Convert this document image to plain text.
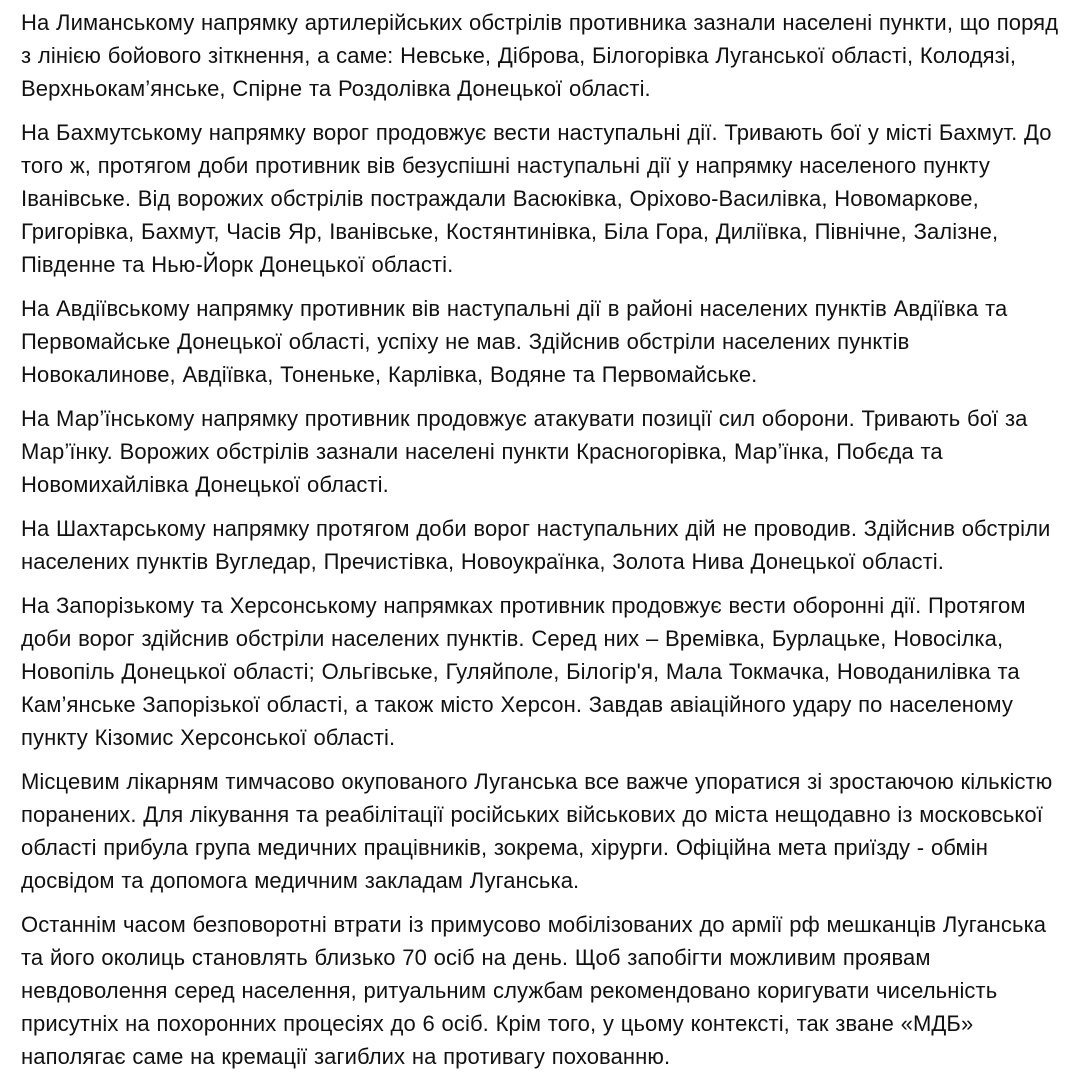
На Лиманському напрямку артилерійських обстрілів противника зазнали населені пункти, що поряд з лінією бойового зіткнення, а саме: Невське, Діброва, Білогорівка Луганської області, Колодязі, Верхньокам’янське, Спірне та Роздолівка Донецької області.

На Бахмутському напрямку ворог продовжує вести наступальні дії. Тривають бої у місті Бахмут. До того ж, протягом доби противник вів безуспішні наступальні дії у напрямку населеного пункту Іванівське. Від ворожих обстрілів постраждали Васюківка, Оріхово-Василівка, Новомаркове, Григорівка, Бахмут, Часів Яр, Іванівське, Костянтинівка, Біла Гора, Диліївка, Північне, Залізне, Південне та Нью-Йорк Донецької області.

На Авдіївському напрямку противник вів наступальні дії в районі населених пунктів Авдіївка та Первомайське Донецької області, успіху не мав. Здійснив обстріли населених пунктів Новокалинове, Авдіївка, Тоненьке, Карлівка, Водяне та Первомайське.

На Мар’їнському напрямку противник продовжує атакувати позиції сил оборони. Тривають бої за Мар’їнку. Ворожих обстрілів зазнали населені пункти Красногорівка, Мар’їнка, Побєда та Новомихайлівка Донецької області.

На Шахтарському напрямку протягом доби ворог наступальних дій не проводив. Здійснив обстріли населених пунктів Вугледар, Пречистівка, Новоукраїнка, Золота Нива Донецької області.

На Запорізькому та Херсонському напрямках противник продовжує вести оборонні дії. Протягом доби ворог здійснив обстріли населених пунктів. Серед них – Времівка, Бурлацьке, Новосілка, Новопіль Донецької області; Ольгівське, Гуляйполе, Білогір'я, Мала Токмачка, Новоданилівка та Кам’янське Запорізької області, а також місто Херсон. Завдав авіаційного удару по населеному пункту Кізомис Херсонської області.

Місцевим лікарням тимчасово окупованого Луганська все важче упоратися зі зростаючою кількістю поранених. Для лікування та реабілітації російських військових до міста нещодавно із московської області прибула група медичних працівників, зокрема, хірурги. Офіційна мета приїзду - обмін досвідом та допомога медичним закладам Луганська.

Останнім часом безповоротні втрати із примусово мобілізованих до армії рф мешканців Луганська та його околиць становлять близько 70 осіб на день. Щоб запобігти можливим проявам невдоволення серед населення, ритуальним службам рекомендовано коригувати чисельність присутніх на похоронних процесіях до 6 осіб. Крім того, у цьому контексті, так зване «МДБ» наполягає саме на кремації загиблих на противагу похованню.
